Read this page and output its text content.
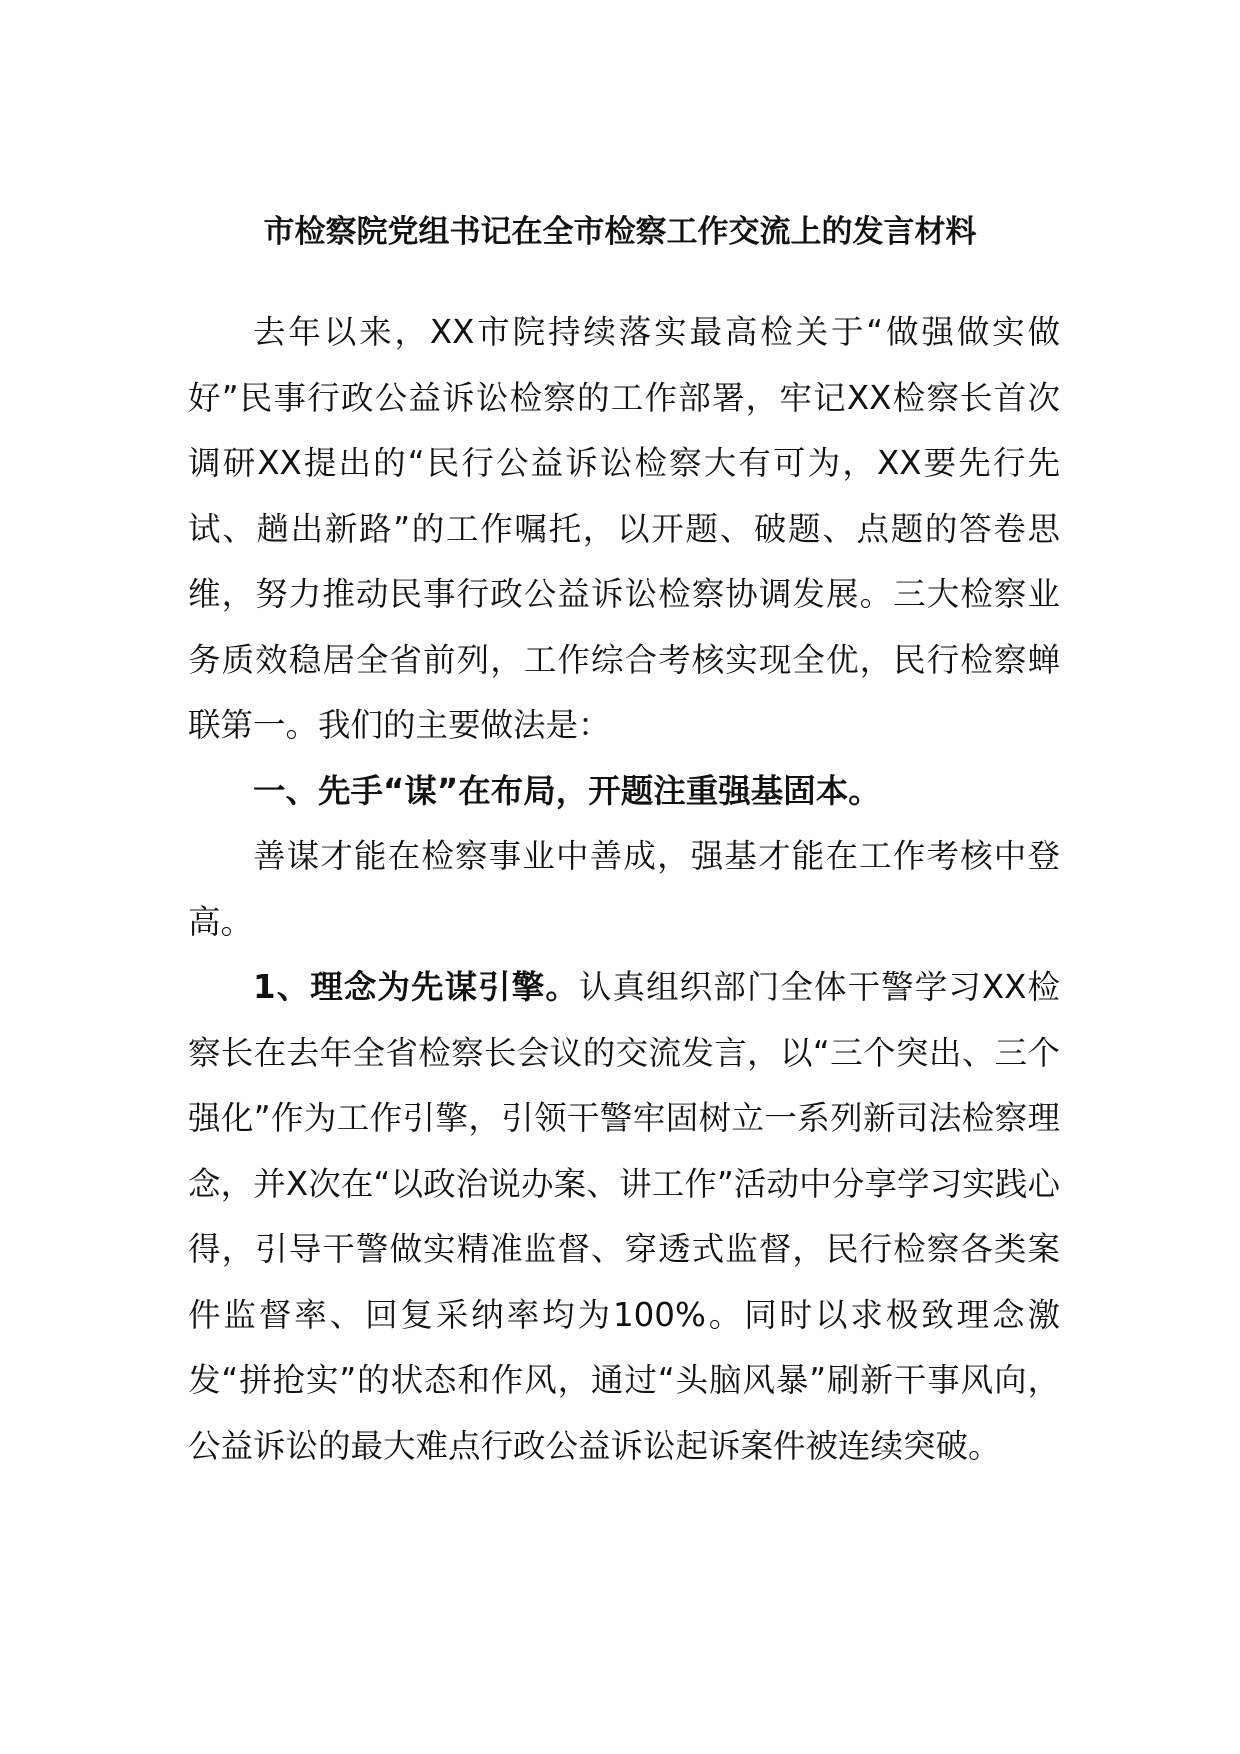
市检察院党组书记在全市检察工作交流上的发言材料

去年以来，XX市院持续落实最高检关于“做强做实做好”民事行政公益诉讼检察的工作部署，牢记XX检察长首次调研XX提出的“民行公益诉讼检察大有可为，XX要先行先试、趟出新路”的工作嘱托，以开题、破题、点题的答卷思维，努力推动民事行政公益诉讼检察协调发展。三大检察业务质效稳居全省前列，工作综合考核实现全优，民行检察蝉联第一。我们的主要做法是：

一、先手“谋”在布局，开题注重强基固本。

善谋才能在检察事业中善成，强基才能在工作考核中登高。

1、理念为先谋引擎。认真组织部门全体干警学习XX检察长在去年全省检察长会议的交流发言，以“三个突出、三个强化”作为工作引擎，引领干警牢固树立一系列新司法检察理念，并X次在“以政治说办案、讲工作”活动中分享学习实践心得，引导干警做实精准监督、穿透式监督，民行检察各类案件监督率、回复采纳率均为100%。同时以求极致理念激发“拼抢实”的状态和作风，通过“头脑风暴”刷新干事风向，公益诉讼的最大难点行政公益诉讼起诉案件被连续突破。
